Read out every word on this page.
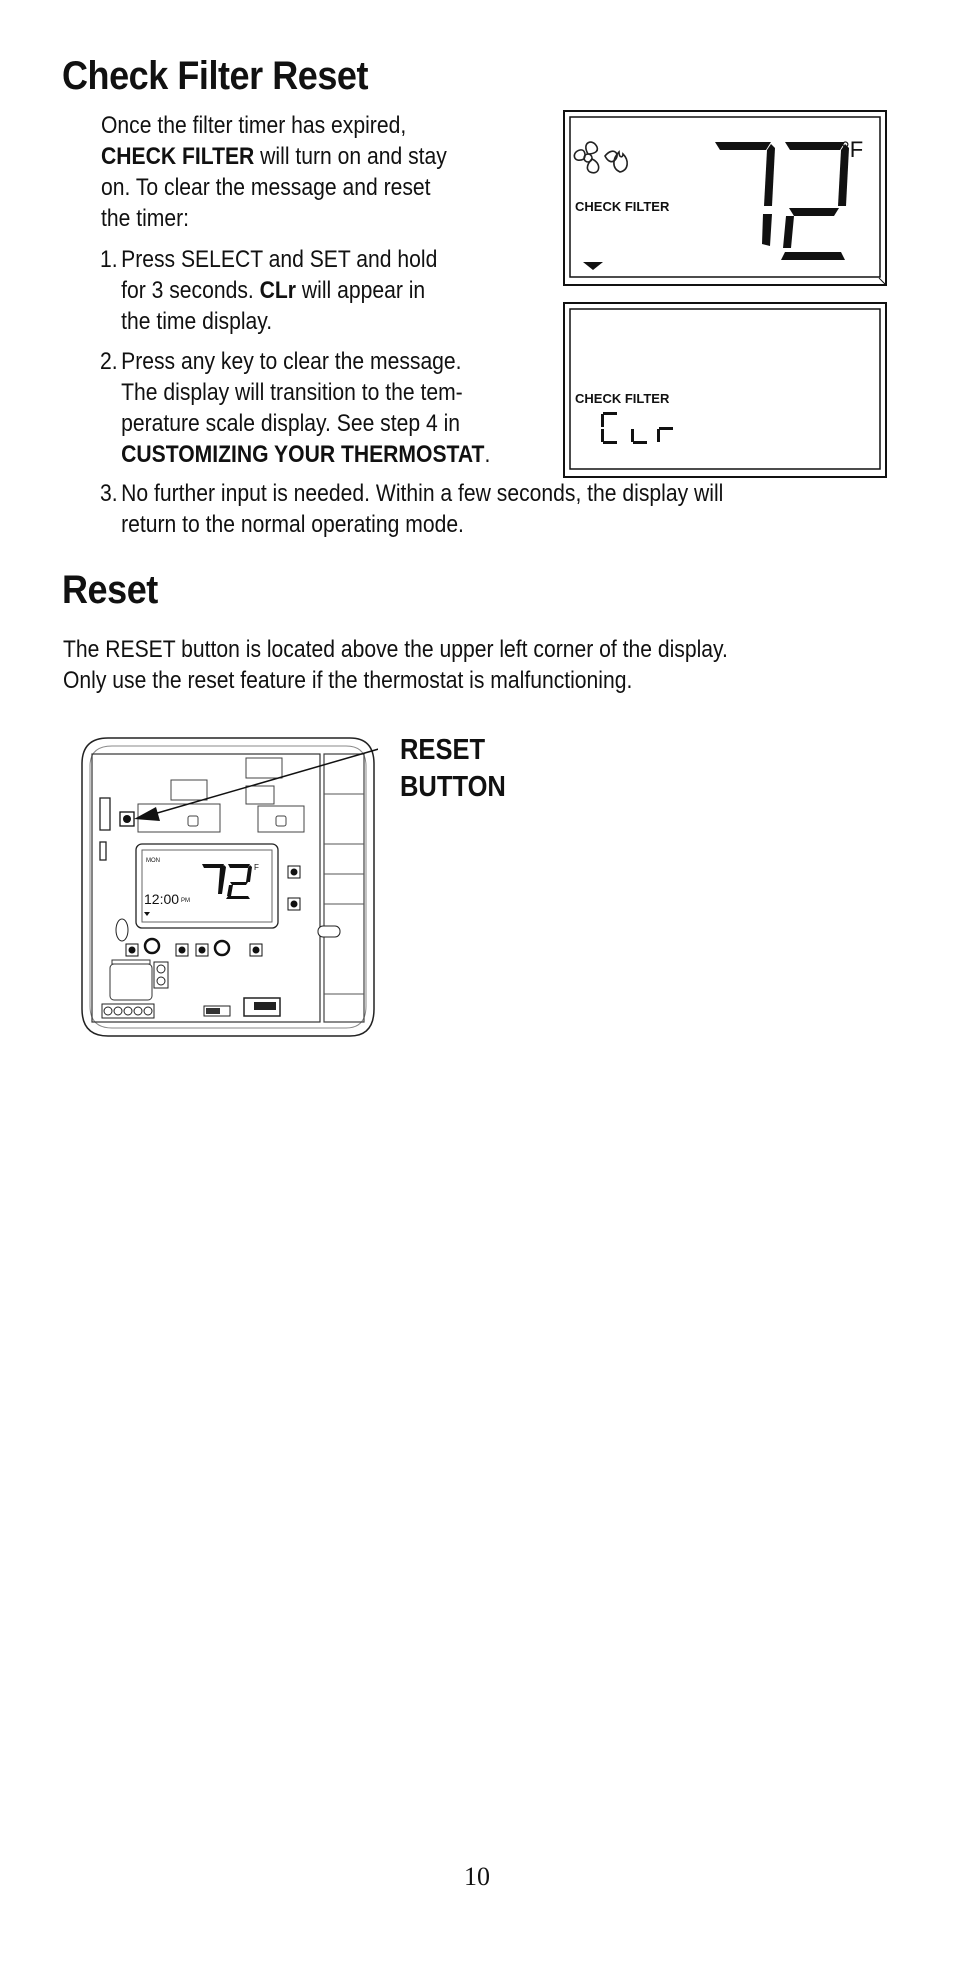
Check Filter Reset
Once the filter timer has expired,
CHECK FILTER will turn on and stay
on. To clear the message and reset
the timer:
1. Press SELECT and SET and hold
for 3 seconds. CLr will appear in
the time display.
2. Press any key to clear the message.
The display will transition to the tem-
perature scale display. See step 4 in
CUSTOMIZING YOUR THERMOSTAT.
3. No further input is needed. Within a few seconds, the display will
return to the normal operating mode.
CHECK FILTER
°F
CHECK FILTER
Reset
The RESET button is located above the upper left corner of the display.
Only use the reset feature if the thermostat is malfunctioning.
MON
F
12:00 PM
RESET
BUTTON
10
